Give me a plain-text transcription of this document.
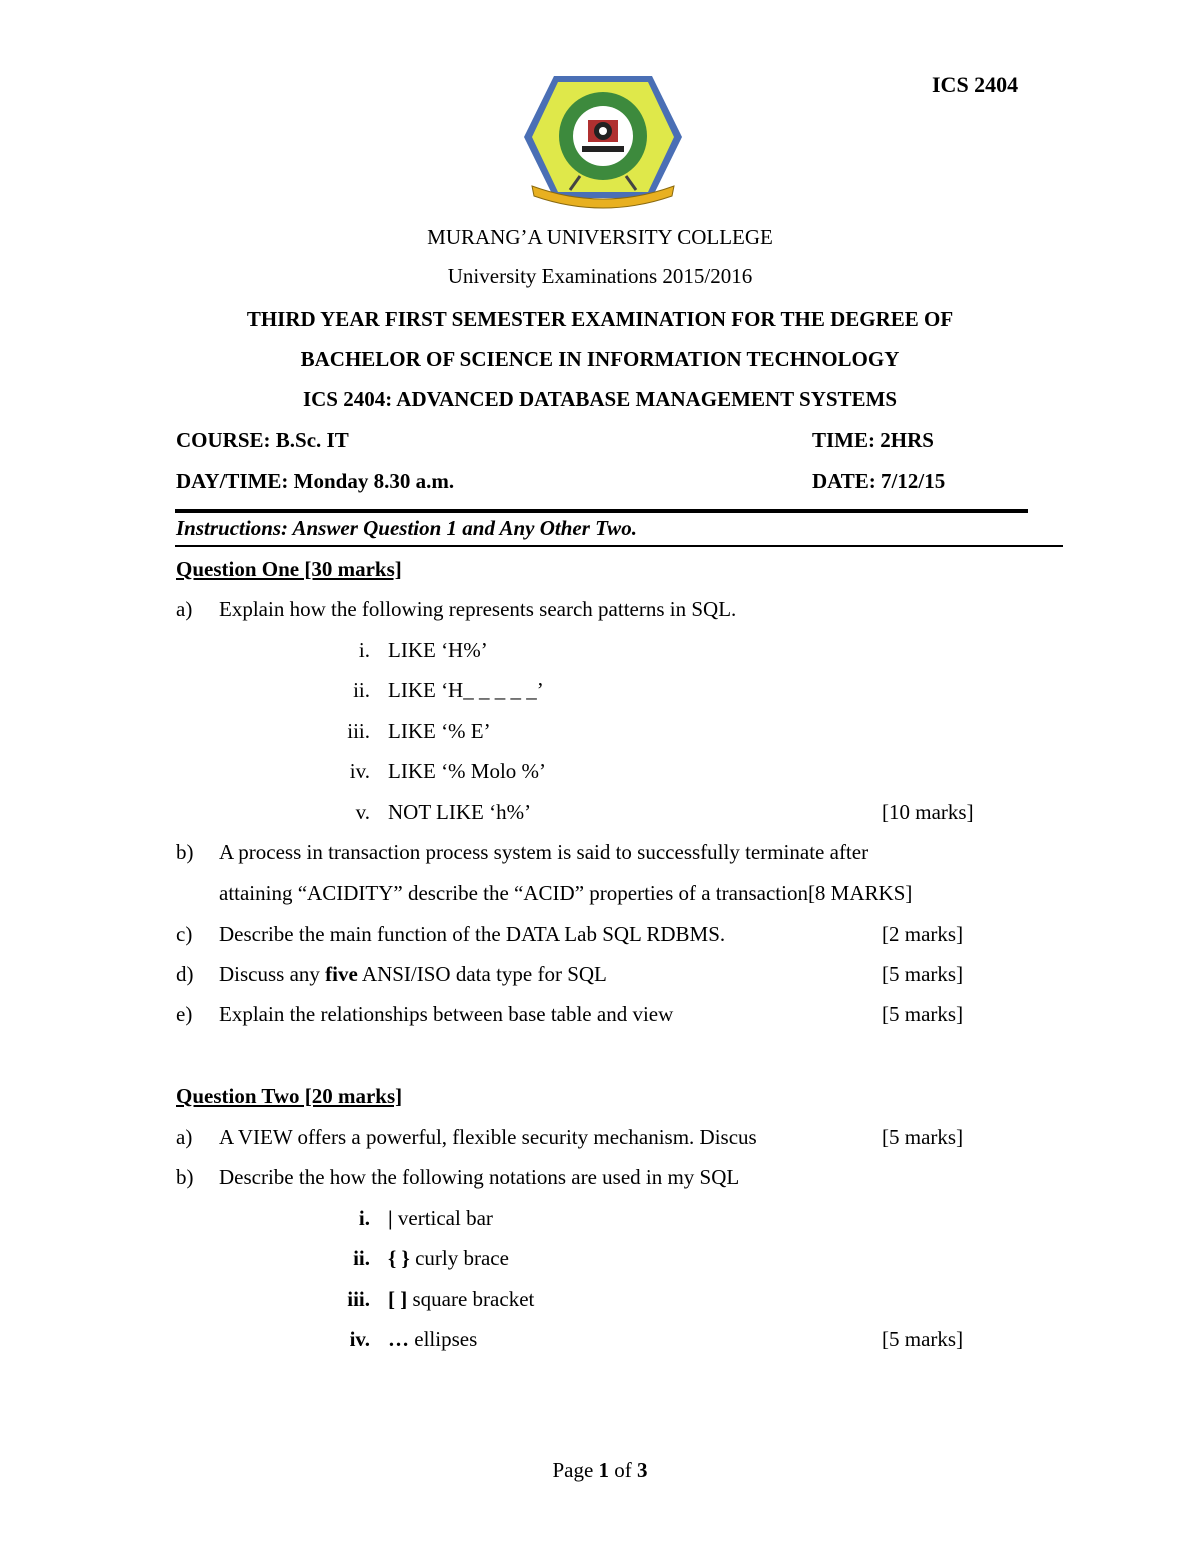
ICS 2404
MURANG’A UNIVERSITY COLLEGE
University Examinations 2015/2016
THIRD YEAR FIRST SEMESTER EXAMINATION FOR THE DEGREE OF
BACHELOR OF SCIENCE IN INFORMATION TECHNOLOGY
ICS 2404: ADVANCED DATABASE MANAGEMENT SYSTEMS
COURSE: B.Sc. IT	TIME: 2HRS
DAY/TIME: Monday 8.30 a.m.	DATE: 7/12/15
Instructions: Answer Question 1 and Any Other Two.
Question One [30 marks]
a) Explain how the following represents search patterns in SQL.
i. LIKE ‘H%’
ii. LIKE ‘H_ _ _ _ _’
iii. LIKE ‘% E’
iv. LIKE ‘% Molo %’
v. NOT LIKE ‘h%’	[10 marks]
b) A process in transaction process system is said to successfully terminate after
attaining “ACIDITY” describe the “ACID” properties of a transaction[8 MARKS]
c) Describe the main function of the DATA Lab SQL RDBMS.	[2 marks]
d) Discuss any five ANSI/ISO data type for SQL	[5 marks]
e) Explain the relationships between base table and view	[5 marks]
Question Two [20 marks]
a) A VIEW offers a powerful, flexible security mechanism. Discus	[5 marks]
b) Describe the how the following notations are used in my SQL
i. | vertical bar
ii. { } curly brace
iii. [ ] square bracket
iv. … ellipses	[5 marks]
Page 1 of 3
